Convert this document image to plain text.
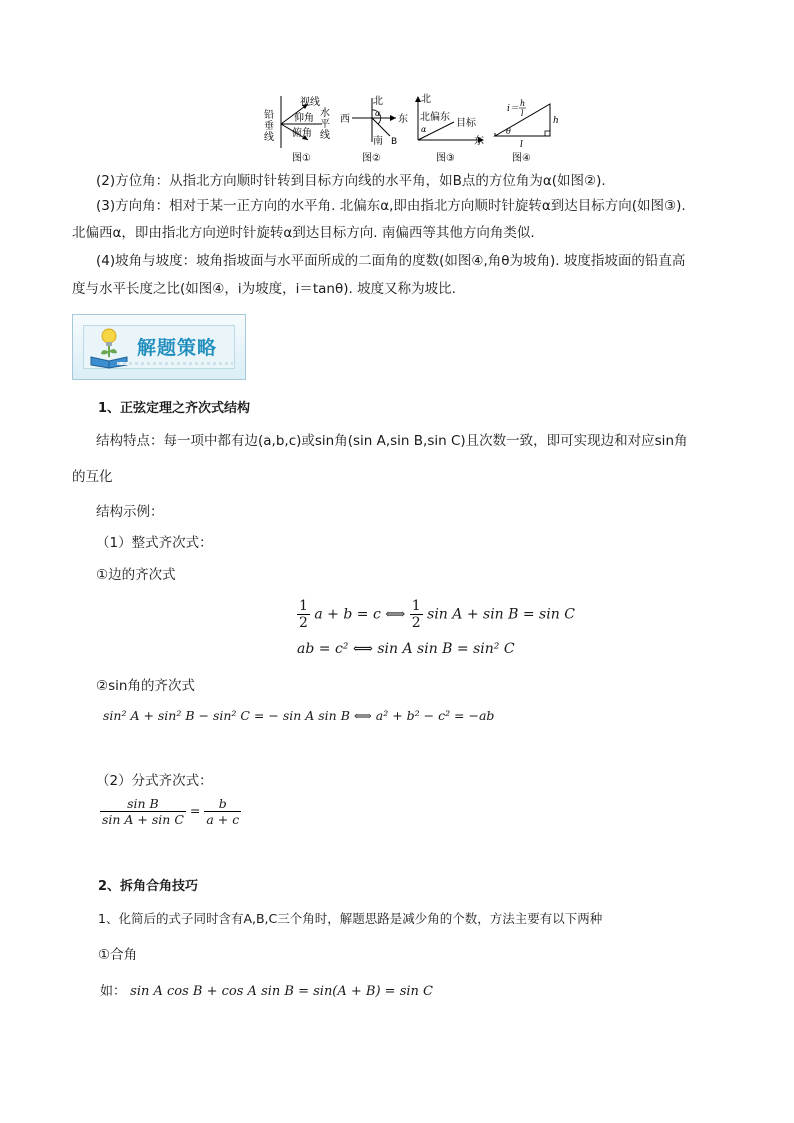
铅
垂
线
视线
仰角
俯角
水
平
线
图①
北
α
西	东
南 B
图②
北
北偏东
α
目标
东
图③
i＝
h
l
h
θ
l
图④
(2)方位角：从指北方向顺时针转到目标方向线的水平角，如B点的方位角为α(如图②).
(3)方向角：相对于某一正方向的水平角. 北偏东α,即由指北方向顺时针旋转α到达目标方向(如图③).
北偏西α，即由指北方向逆时针旋转α到达目标方向. 南偏西等其他方向角类似.
(4)坡角与坡度：坡角指坡面与水平面所成的二面角的度数(如图④,角θ为坡角). 坡度指坡面的铅直高
度与水平长度之比(如图④，i为坡度，i＝tanθ). 坡度又称为坡比.
解题策略
1、正弦定理之齐次式结构
结构特点：每一项中都有边(a,b,c)或sin角(sin A,sin B,sin C)且次数一致，即可实现边和对应sin角
的互化
结构示例：
（1）整式齐次式：
①边的齐次式
$\frac{1}{2}$ a + b = c ⟺ $\frac{1}{2}$ sin A + sin B = sin C
ab = c² ⟺ sin A sin B = sin² C
②sin角的齐次式
sin² A + sin² B − sin² C = − sin A sin B ⟺ a² + b² − c² = −ab
（2）分式齐次式：
$\frac{\text{sin B}}{\text{sin A + sin C}} = \frac{b}{a + c}$
2、拆角合角技巧
1、化简后的式子同时含有A,B,C三个角时，解题思路是减少角的个数，方法主要有以下两种
①合角
如： sin A cos B + cos A sin B = sin(A + B) = sin C
